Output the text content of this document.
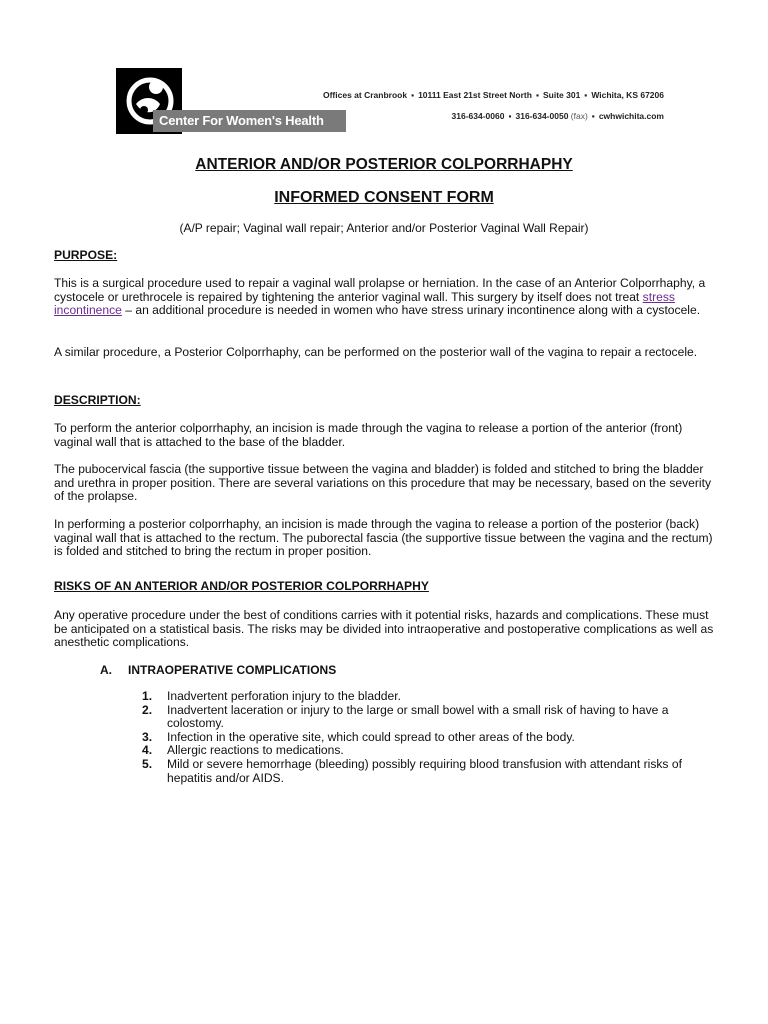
Center For Women's Health
Offices at Cranbrook ▪ 10111 East 21st Street North ▪ Suite 301 ▪ Wichita, KS 67206
316-634-0060 ▪ 316-634-0050 (fax) ▪ cwhwichita.com
ANTERIOR AND/OR POSTERIOR COLPORRHAPHY
INFORMED CONSENT FORM
(A/P repair; Vaginal wall repair; Anterior and/or Posterior Vaginal Wall Repair)
PURPOSE:
This is a surgical procedure used to repair a vaginal wall prolapse or herniation. In the case of an Anterior Colporrhaphy, a cystocele or urethrocele is repaired by tightening the anterior vaginal wall. This surgery by itself does not treat stress incontinence – an additional procedure is needed in women who have stress urinary incontinence along with a cystocele.
A similar procedure, a Posterior Colporrhaphy, can be performed on the posterior wall of the vagina to repair a rectocele.
DESCRIPTION:
To perform the anterior colporrhaphy, an incision is made through the vagina to release a portion of the anterior (front) vaginal wall that is attached to the base of the bladder.
The pubocervical fascia (the supportive tissue between the vagina and bladder) is folded and stitched to bring the bladder and urethra in proper position. There are several variations on this procedure that may be necessary, based on the severity of the prolapse.
In performing a posterior colporrhaphy, an incision is made through the vagina to release a portion of the posterior (back) vaginal wall that is attached to the rectum. The puborectal fascia (the supportive tissue between the vagina and the rectum) is folded and stitched to bring the rectum in proper position.
RISKS OF AN ANTERIOR AND/OR POSTERIOR COLPORRHAPHY
Any operative procedure under the best of conditions carries with it potential risks, hazards and complications. These must be anticipated on a statistical basis. The risks may be divided into intraoperative and postoperative complications as well as anesthetic complications.
A. INTRAOPERATIVE COMPLICATIONS
1. Inadvertent perforation injury to the bladder.
2. Inadvertent laceration or injury to the large or small bowel with a small risk of having to have a colostomy.
3. Infection in the operative site, which could spread to other areas of the body.
4. Allergic reactions to medications.
5. Mild or severe hemorrhage (bleeding) possibly requiring blood transfusion with attendant risks of hepatitis and/or AIDS.
